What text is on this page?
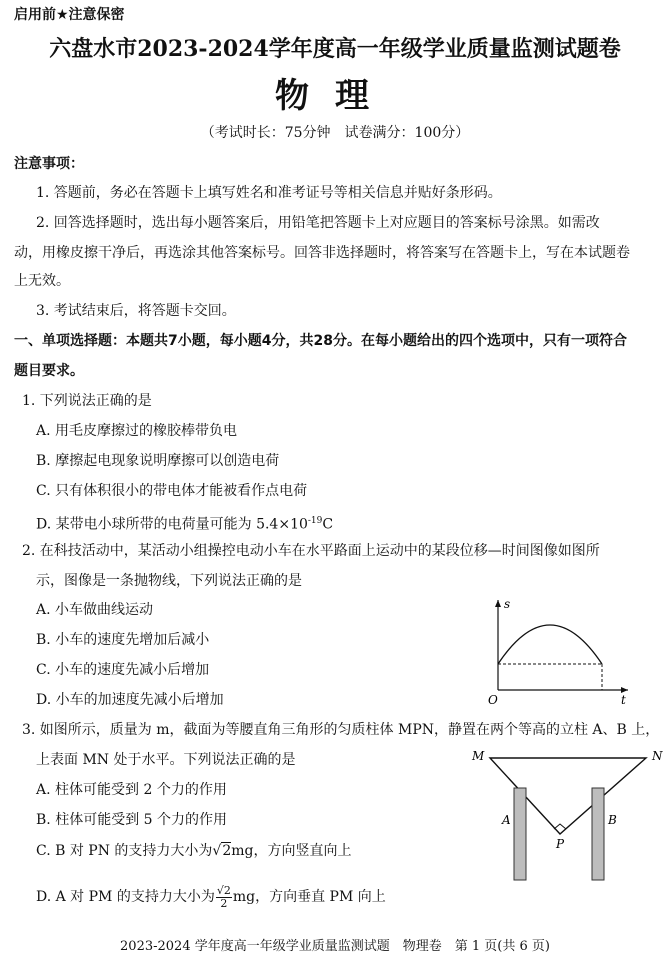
启用前★注意保密
六盘水市2023-2024学年度高一年级学业质量监测试题卷
物理
（考试时长：75分钟　试卷满分：100分）
注意事项：
1. 答题前，务必在答题卡上填写姓名和准考证号等相关信息并贴好条形码。
2. 回答选择题时，选出每小题答案后，用铅笔把答题卡上对应题目的答案标号涂黑。如需改
动，用橡皮擦干净后，再选涂其他答案标号。回答非选择题时，将答案写在答题卡上，写在本试题卷
上无效。
3. 考试结束后，将答题卡交回。
一、单项选择题：本题共7小题，每小题4分，共28分。在每小题给出的四个选项中，只有一项符合
题目要求。
1. 下列说法正确的是
A. 用毛皮摩擦过的橡胶棒带负电
B. 摩擦起电现象说明摩擦可以创造电荷
C. 只有体积很小的带电体才能被看作点电荷
D. 某带电小球所带的电荷量可能为 $5.4\times 10^{-19}C$
2. 在科技活动中，某活动小组操控电动小车在水平路面上运动中的某段位移—时间图像如图所
示，图像是一条抛物线，下列说法正确的是
A. 小车做曲线运动
B. 小车的速度先增加后减小
C. 小车的速度先减小后增加
D. 小车的加速度先减小后增加
s
t
O
3. 如图所示，质量为 m，截面为等腰直角三角形的匀质柱体 MPN，静置在两个等高的立柱 A、B 上，
上表面 MN 处于水平。下列说法正确的是
A. 柱体可能受到 2 个力的作用
B. 柱体可能受到 5 个力的作用
C. B 对 PN 的支持力大小为√2mg，方向竖直向上
D. A 对 PM 的支持力大小为 $\frac{√2}{2}$ mg，方向垂直 PM 向上
M	N
P
A	B
2023-2024 学年度高一年级学业质量监测试题　物理卷　第 1 页(共 6 页)
